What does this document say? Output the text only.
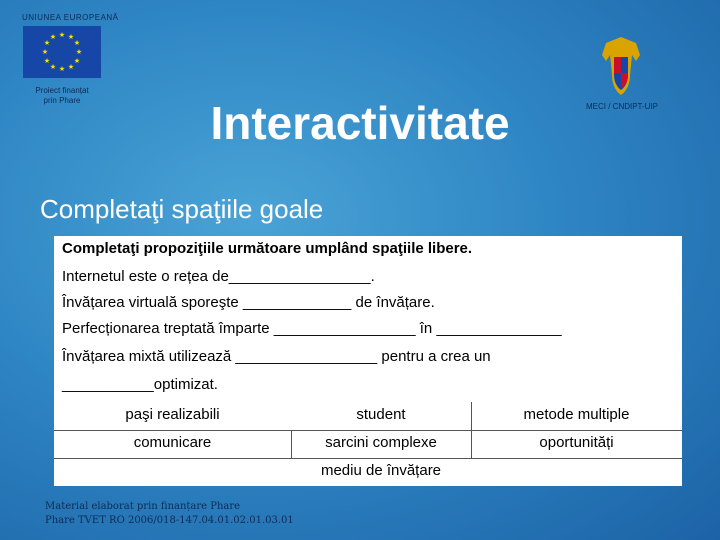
UNIUNEA EUROPEANĂ
★ ★
★
★
★
★
★
★
★
★
★
★
Proiect finanțat
prin Phare
MECI / CNDIPT-UIP
Interactivitate
Completaţi spaţiile goale
Completaţi propoziţiile următoare umplând spaţiile libere.
Internetul este o rețea de_________________.
Învățarea virtuală sporeşte _____________ de învățare.
Perfecționarea treptată împarte _________________ în _______________
Învățarea mixtă utilizează _________________ pentru a crea un
___________optimizat.
paşi realizabili	student	metode multiple
comunicare	sarcini complexe	oportunități
mediu de învățare
Material elaborat prin finanțare Phare
Phare TVET RO 2006/018-147.04.01.02.01.03.01
